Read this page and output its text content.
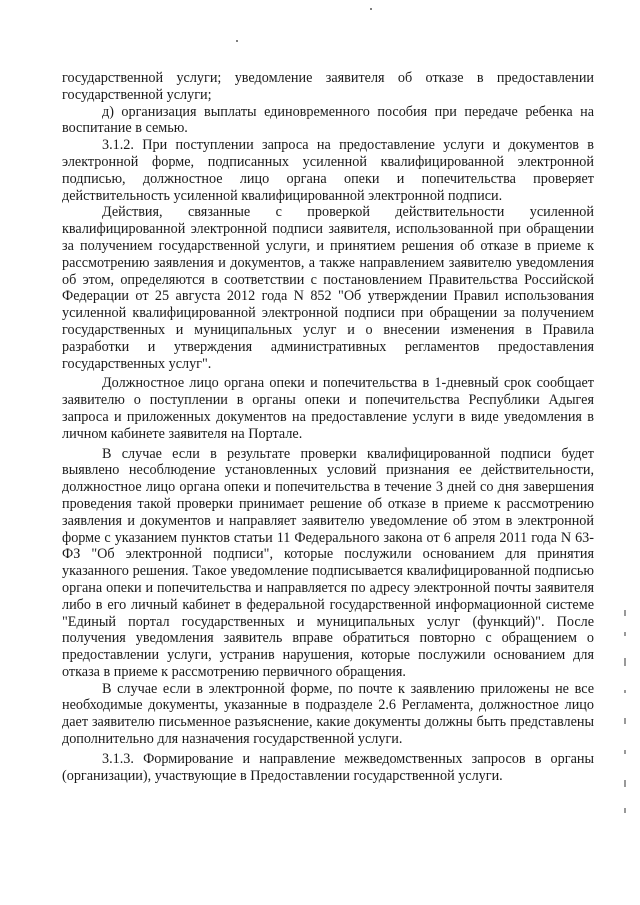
государственной услуги; уведомление заявителя об отказе в предоставлении государственной услуги;

д) организация выплаты единовременного пособия при передаче ребенка на воспитание в семью.

3.1.2. При поступлении запроса на предоставление услуги и документов в электронной форме, подписанных усиленной квалифицированной электронной подписью, должностное лицо органа опеки и попечительства проверяет действительность усиленной квалифицированной электронной подписи.

Действия, связанные с проверкой действительности усиленной квалифицированной электронной подписи заявителя, использованной при обращении за получением государственной услуги, и принятием решения об отказе в приеме к рассмотрению заявления и документов, а также направлением заявителю уведомления об этом, определяются в соответствии с постановлением Правительства Российской Федерации от 25 августа 2012 года N 852 "Об утверждении Правил использования усиленной квалифицированной электронной подписи при обращении за получением государственных и муниципальных услуг и о внесении изменения в Правила разработки и утверждения административных регламентов предоставления государственных услуг".

Должностное лицо органа опеки и попечительства в 1-дневный срок сообщает заявителю о поступлении в органы опеки и попечительства Республики Адыгея запроса и приложенных документов на предоставление услуги в виде уведомления в личном кабинете заявителя на Портале.

В случае если в результате проверки квалифицированной подписи будет выявлено несоблюдение установленных условий признания ее действительности, должностное лицо органа опеки и попечительства в течение 3 дней со дня завершения проведения такой проверки принимает решение об отказе в приеме к рассмотрению заявления и документов и направляет заявителю уведомление об этом в электронной форме с указанием пунктов статьи 11 Федерального закона от 6 апреля 2011 года N 63-ФЗ "Об электронной подписи", которые послужили основанием для принятия указанного решения. Такое уведомление подписывается квалифицированной подписью органа опеки и попечительства и направляется по адресу электронной почты заявителя либо в его личный кабинет в федеральной государственной информационной системе "Единый портал государственных и муниципальных услуг (функций)". После получения уведомления заявитель вправе обратиться повторно с обращением о предоставлении услуги, устранив нарушения, которые послужили основанием для отказа в приеме к рассмотрению первичного обращения.

В случае если в электронной форме, по почте к заявлению приложены не все необходимые документы, указанные в подразделе 2.6 Регламента, должностное лицо дает заявителю письменное разъяснение, какие документы должны быть представлены дополнительно для назначения государственной услуги.

3.1.3. Формирование и направление межведомственных запросов в органы (организации), участвующие в Предоставлении государственной услуги.
